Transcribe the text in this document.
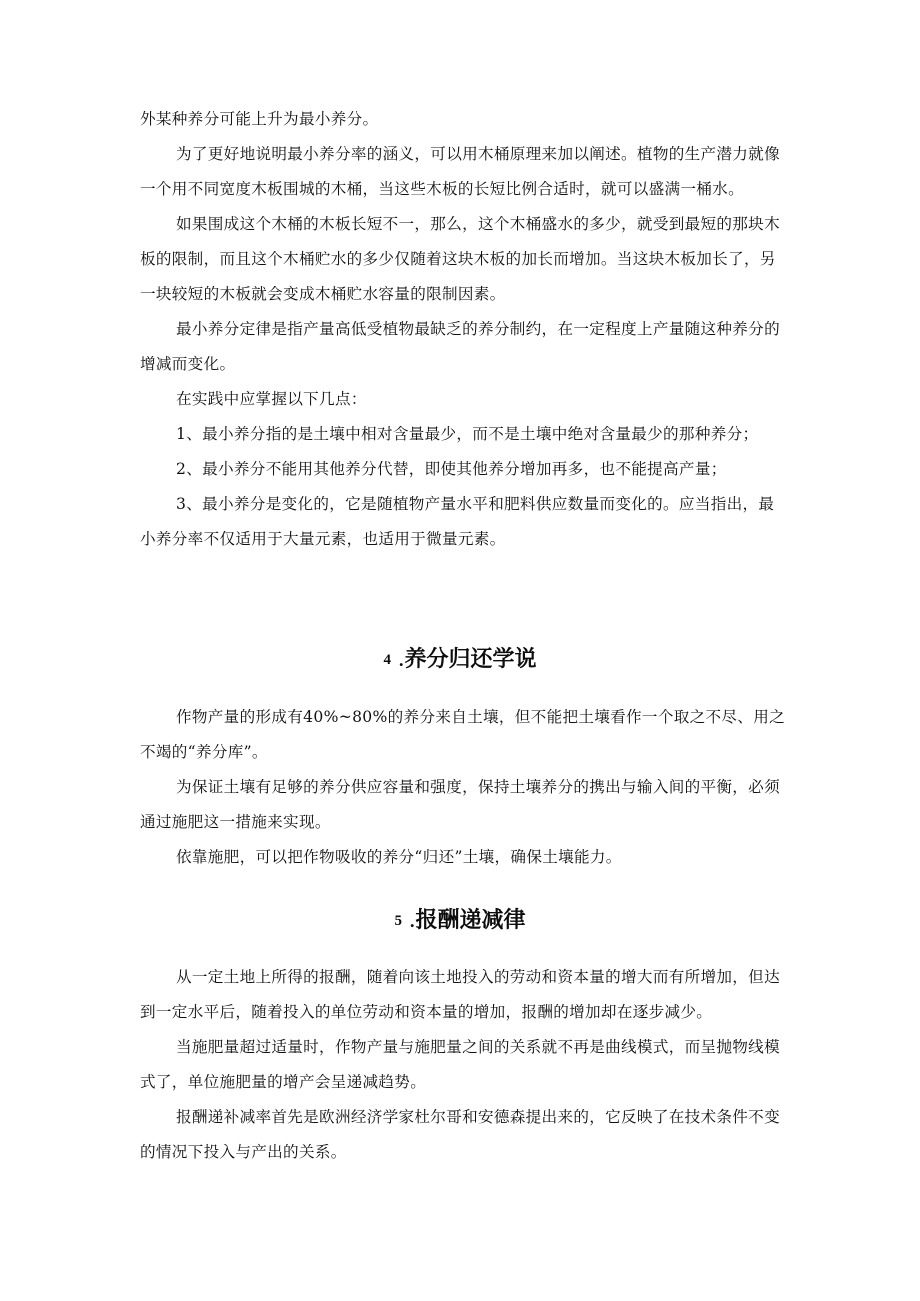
外某种养分可能上升为最小养分。

为了更好地说明最小养分率的涵义，可以用木桶原理来加以阐述。植物的生产潜力就像一个用不同宽度木板围城的木桶，当这些木板的长短比例合适时，就可以盛满一桶水。

如果围成这个木桶的木板长短不一，那么，这个木桶盛水的多少，就受到最短的那块木板的限制，而且这个木桶贮水的多少仅随着这块木板的加长而增加。当这块木板加长了，另一块较短的木板就会变成木桶贮水容量的限制因素。

最小养分定律是指产量高低受植物最缺乏的养分制约，在一定程度上产量随这种养分的增减而变化。

在实践中应掌握以下几点：

1、最小养分指的是土壤中相对含量最少，而不是土壤中绝对含量最少的那种养分；

2、最小养分不能用其他养分代替，即使其他养分增加再多，也不能提高产量；

3、最小养分是变化的，它是随植物产量水平和肥料供应数量而变化的。应当指出，最小养分率不仅适用于大量元素，也适用于微量元素。

4 .养分归还学说

作物产量的形成有40%~80%的养分来自土壤，但不能把土壤看作一个取之不尽、用之不竭的“养分库”。

为保证土壤有足够的养分供应容量和强度，保持土壤养分的携出与输入间的平衡，必须通过施肥这一措施来实现。

依靠施肥，可以把作物吸收的养分“归还”土壤，确保土壤能力。

5 .报酬递减律

从一定土地上所得的报酬，随着向该土地投入的劳动和资本量的增大而有所增加，但达到一定水平后，随着投入的单位劳动和资本量的增加，报酬的增加却在逐步减少。

当施肥量超过适量时，作物产量与施肥量之间的关系就不再是曲线模式，而呈抛物线模式了，单位施肥量的增产会呈递减趋势。

报酬递补减率首先是欧洲经济学家杜尔哥和安德森提出来的，它反映了在技术条件不变的情况下投入与产出的关系。
